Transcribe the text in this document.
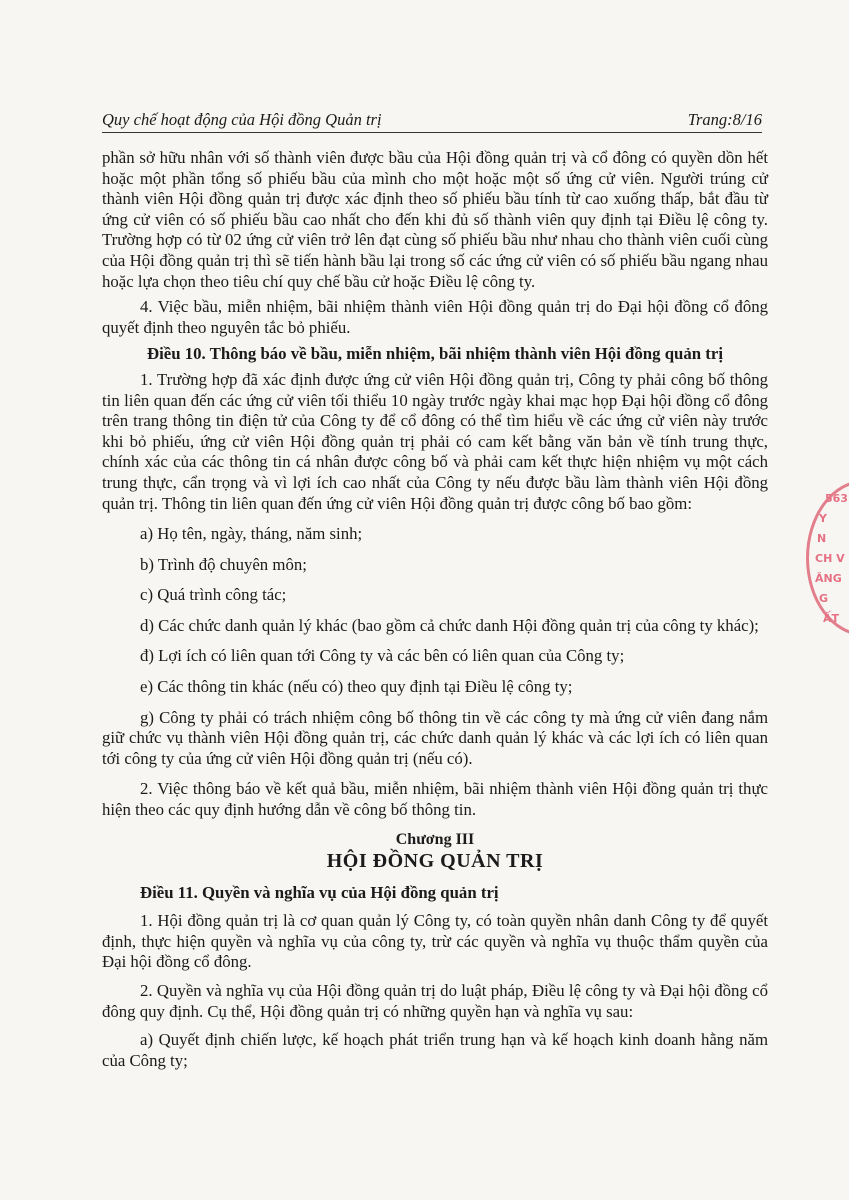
Quy chế hoạt động của Hội đồng Quản trị	Trang:8/16

phần sở hữu nhân với số thành viên được bầu của Hội đồng quản trị và cổ đông có quyền dồn hết hoặc một phần tổng số phiếu bầu của mình cho một hoặc một số ứng cử viên. Người trúng cử thành viên Hội đồng quản trị được xác định theo số phiếu bầu tính từ cao xuống thấp, bắt đầu từ ứng cử viên có số phiếu bầu cao nhất cho đến khi đủ số thành viên quy định tại Điều lệ công ty. Trường hợp có từ 02 ứng cử viên trở lên đạt cùng số phiếu bầu như nhau cho thành viên cuối cùng của Hội đồng quản trị thì sẽ tiến hành bầu lại trong số các ứng cử viên có số phiếu bầu ngang nhau hoặc lựa chọn theo tiêu chí quy chế bầu cử hoặc Điều lệ công ty.

4. Việc bầu, miễn nhiệm, bãi nhiệm thành viên Hội đồng quản trị do Đại hội đồng cổ đông quyết định theo nguyên tắc bỏ phiếu.

Điều 10. Thông báo về bầu, miễn nhiệm, bãi nhiệm thành viên Hội đồng quản trị

1. Trường hợp đã xác định được ứng cử viên Hội đồng quản trị, Công ty phải công bố thông tin liên quan đến các ứng cử viên tối thiểu 10 ngày trước ngày khai mạc họp Đại hội đồng cổ đông trên trang thông tin điện tử của Công ty để cổ đông có thể tìm hiểu về các ứng cử viên này trước khi bỏ phiếu, ứng cử viên Hội đồng quản trị phải có cam kết bằng văn bản về tính trung thực, chính xác của các thông tin cá nhân được công bố và phải cam kết thực hiện nhiệm vụ một cách trung thực, cẩn trọng và vì lợi ích cao nhất của Công ty nếu được bầu làm thành viên Hội đồng quản trị. Thông tin liên quan đến ứng cử viên Hội đồng quản trị được công bố bao gồm:

a) Họ tên, ngày, tháng, năm sinh;

b) Trình độ chuyên môn;

c) Quá trình công tác;

d) Các chức danh quản lý khác (bao gồm cả chức danh Hội đồng quản trị của công ty khác);

đ) Lợi ích có liên quan tới Công ty và các bên có liên quan của Công ty;

e) Các thông tin khác (nếu có) theo quy định tại Điều lệ công ty;

g) Công ty phải có trách nhiệm công bố thông tin về các công ty mà ứng cử viên đang nắm giữ chức vụ thành viên Hội đồng quản trị, các chức danh quản lý khác và các lợi ích có liên quan tới công ty của ứng cử viên Hội đồng quản trị (nếu có).

2. Việc thông báo về kết quả bầu, miễn nhiệm, bãi nhiệm thành viên Hội đồng quản trị thực hiện theo các quy định hướng dẫn về công bố thông tin.

Chương III

HỘI ĐỒNG QUẢN TRỊ

Điều 11. Quyền và nghĩa vụ của Hội đồng quản trị

1. Hội đồng quản trị là cơ quan quản lý Công ty, có toàn quyền nhân danh Công ty để quyết định, thực hiện quyền và nghĩa vụ của công ty, trừ các quyền và nghĩa vụ thuộc thẩm quyền của Đại hội đồng cổ đông.

2. Quyền và nghĩa vụ của Hội đồng quản trị do luật pháp, Điều lệ công ty và Đại hội đồng cổ đông quy định. Cụ thể, Hội đồng quản trị có những quyền hạn và nghĩa vụ sau:

a) Quyết định chiến lược, kế hoạch phát triển trung hạn và kế hoạch kinh doanh hằng năm của Công ty;

563
Y
N
CH V
ĂNG
G
ẤT
